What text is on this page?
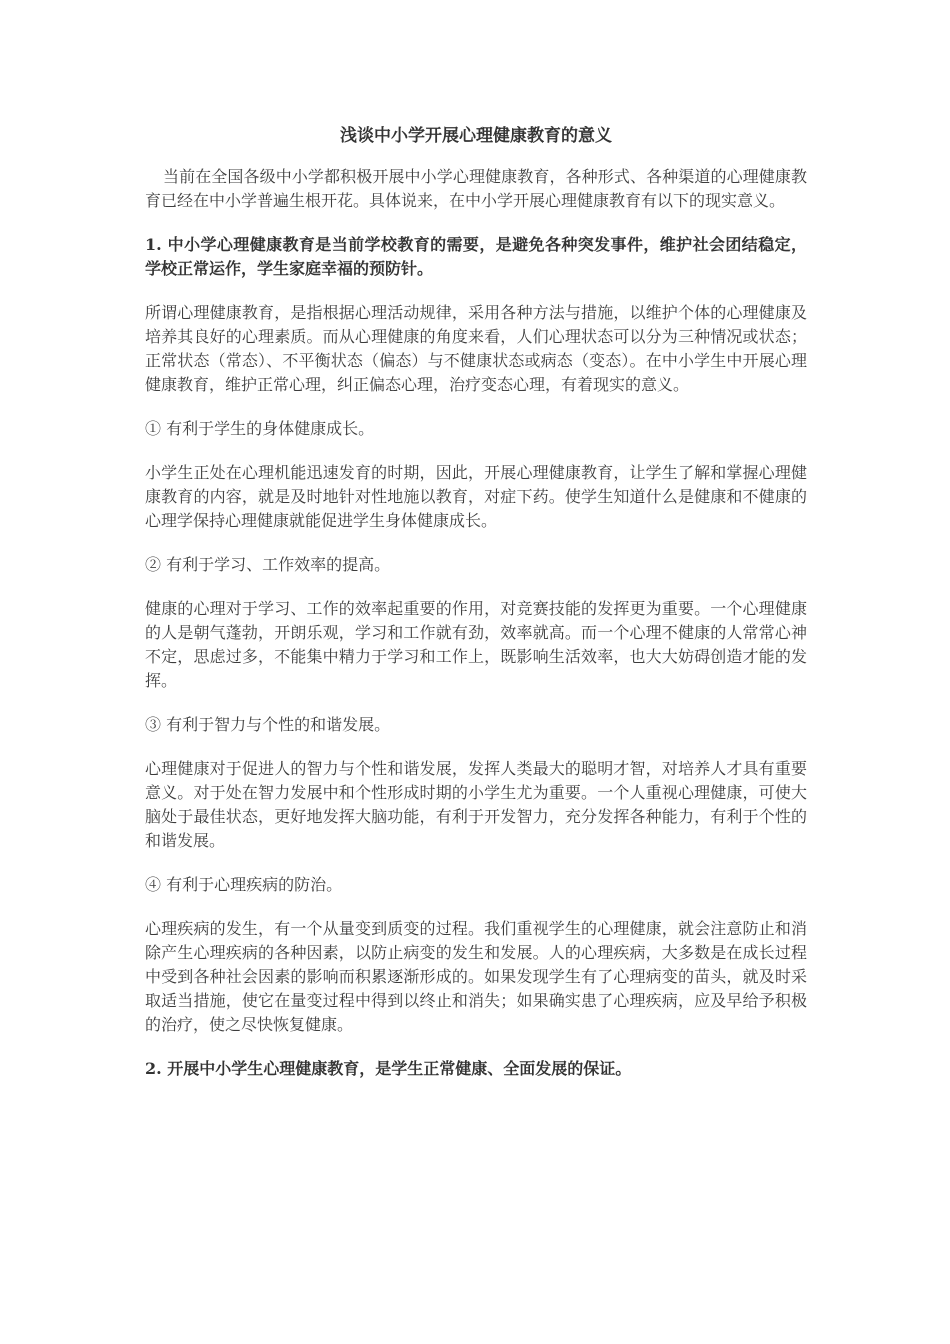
浅谈中小学开展心理健康教育的意义

当前在全国各级中小学都积极开展中小学心理健康教育，各种形式、各种渠道的心理健康教育已经在中小学普遍生根开花。具体说来，在中小学开展心理健康教育有以下的现实意义。

1. 中小学心理健康教育是当前学校教育的需要，是避免各种突发事件，维护社会团结稳定，学校正常运作，学生家庭幸福的预防针。

所谓心理健康教育，是指根据心理活动规律，采用各种方法与措施，以维护个体的心理健康及培养其良好的心理素质。而从心理健康的角度来看，人们心理状态可以分为三种情况或状态；正常状态（常态）、不平衡状态（偏态）与不健康状态或病态（变态）。在中小学生中开展心理健康教育，维护正常心理，纠正偏态心理，治疗变态心理，有着现实的意义。

① 有利于学生的身体健康成长。

小学生正处在心理机能迅速发育的时期，因此，开展心理健康教育，让学生了解和掌握心理健康教育的内容，就是及时地针对性地施以教育，对症下药。使学生知道什么是健康和不健康的心理学保持心理健康就能促进学生身体健康成长。

② 有利于学习、工作效率的提高。

健康的心理对于学习、工作的效率起重要的作用，对竞赛技能的发挥更为重要。一个心理健康的人是朝气蓬勃，开朗乐观，学习和工作就有劲，效率就高。而一个心理不健康的人常常心神不定，思虑过多，不能集中精力于学习和工作上，既影响生活效率，也大大妨碍创造才能的发挥。

③ 有利于智力与个性的和谐发展。

心理健康对于促进人的智力与个性和谐发展，发挥人类最大的聪明才智，对培养人才具有重要意义。对于处在智力发展中和个性形成时期的小学生尤为重要。一个人重视心理健康，可使大脑处于最佳状态，更好地发挥大脑功能，有利于开发智力，充分发挥各种能力，有利于个性的和谐发展。

④ 有利于心理疾病的防治。

心理疾病的发生，有一个从量变到质变的过程。我们重视学生的心理健康，就会注意防止和消除产生心理疾病的各种因素，以防止病变的发生和发展。人的心理疾病，大多数是在成长过程中受到各种社会因素的影响而积累逐渐形成的。如果发现学生有了心理病变的苗头，就及时采取适当措施，使它在量变过程中得到以终止和消失；如果确实患了心理疾病，应及早给予积极的治疗，使之尽快恢复健康。

2. 开展中小学生心理健康教育，是学生正常健康、全面发展的保证。
